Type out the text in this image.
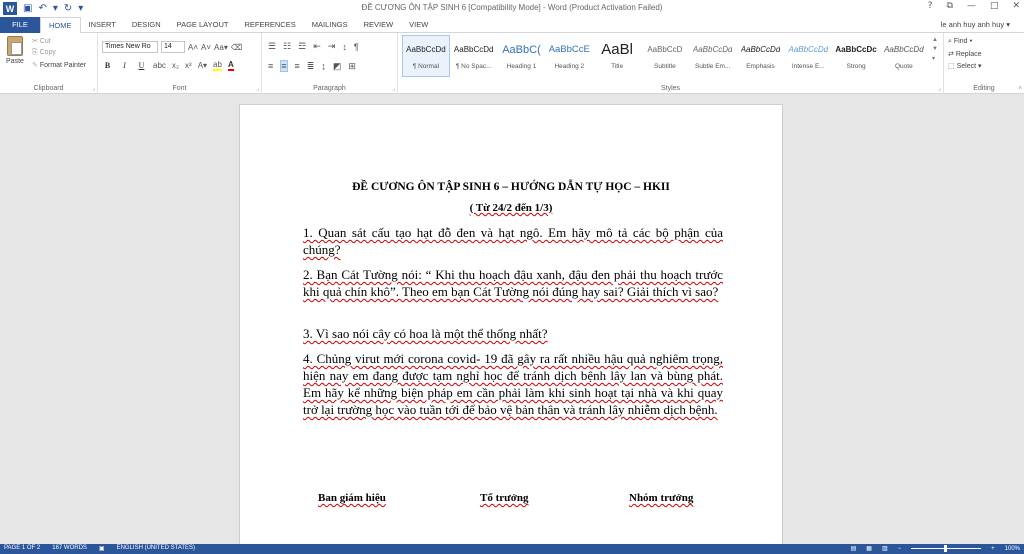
W ▣ ↶ ▾ ↻ ▾	ĐỀ CƯƠNG ÔN TẬP SINH 6 [Compatibility Mode] - Word (Product Activation Failed)	? ⧉ — □ ✕
FILE	HOME	INSERT	DESIGN	PAGE LAYOUT	REFERENCES	MAILINGS	REVIEW	VIEW	le anh huy anh huy ▾
Paste
✂ Cut
⎘ Copy
✎ Format Painter
Clipboard	⌟
Times New Ro	14	A˄ A˅ Aa▾ ⌫
B	I	U	abc x₂ x² A▾ ab A
Font	⌟
☰ ☷ ☲ ⇤ ⇥ ↕ ¶
≡ ≡ ≡ ≣ ↨ ◩ ⊞
Paragraph	⌟	Styles	⌟
AaBbCcDd
¶ Normal
AaBbCcDd
¶ No Spac...
AaBbC(
Heading 1
AaBbCcE
Heading 2
AaBl
Title
AaBbCcD
Subtitle
AaBbCcDd
Subtle Em...
AaBbCcDd
Emphasis
AaBbCcDd
Intense E...
AaBbCcDc
Strong
AaBbCcDd
Quote
▲
▼
▾
Editing	˄
⌕ Find ▾
⇄ Replace
⬚ Select ▾
ĐỀ CƯƠNG ÔN TẬP SINH 6 – HƯỚNG DẪN TỰ HỌC – HKII
( Từ 24/2 đến 1/3)
1. Quan sát cấu tạo hạt đỗ đen và hạt ngô. Em hãy mô tả các bộ phận của chúng?
2. Bạn Cát Tường nói: “ Khi thu hoạch đậu xanh, đậu đen phải thu hoạch trước khi quả chín khô”. Theo em bạn Cát Tường nói đúng hay sai? Giải thích vì sao?
3. Vì sao nói cây có hoa là một thể thống nhất?
4. Chủng virut mới corona covid- 19 đã gây ra rất nhiều hậu quả nghiêm trọng, hiện nay em đang được tạm nghỉ học để tránh dịch bệnh lây lan và bùng phát. Em hãy kể những biện pháp em cần phải làm khi sinh hoạt tại nhà và khi quay trở lại trường học vào tuần tới để bảo vệ bản thân và tránh lây nhiễm dịch bệnh.
Ban giám hiệu	Tổ trưởng	Nhóm trưởng
PAGE 1 OF 2 167 WORDS ▣ ENGLISH (UNITED STATES)	▤ ▦ ▥ −	+ 100%
